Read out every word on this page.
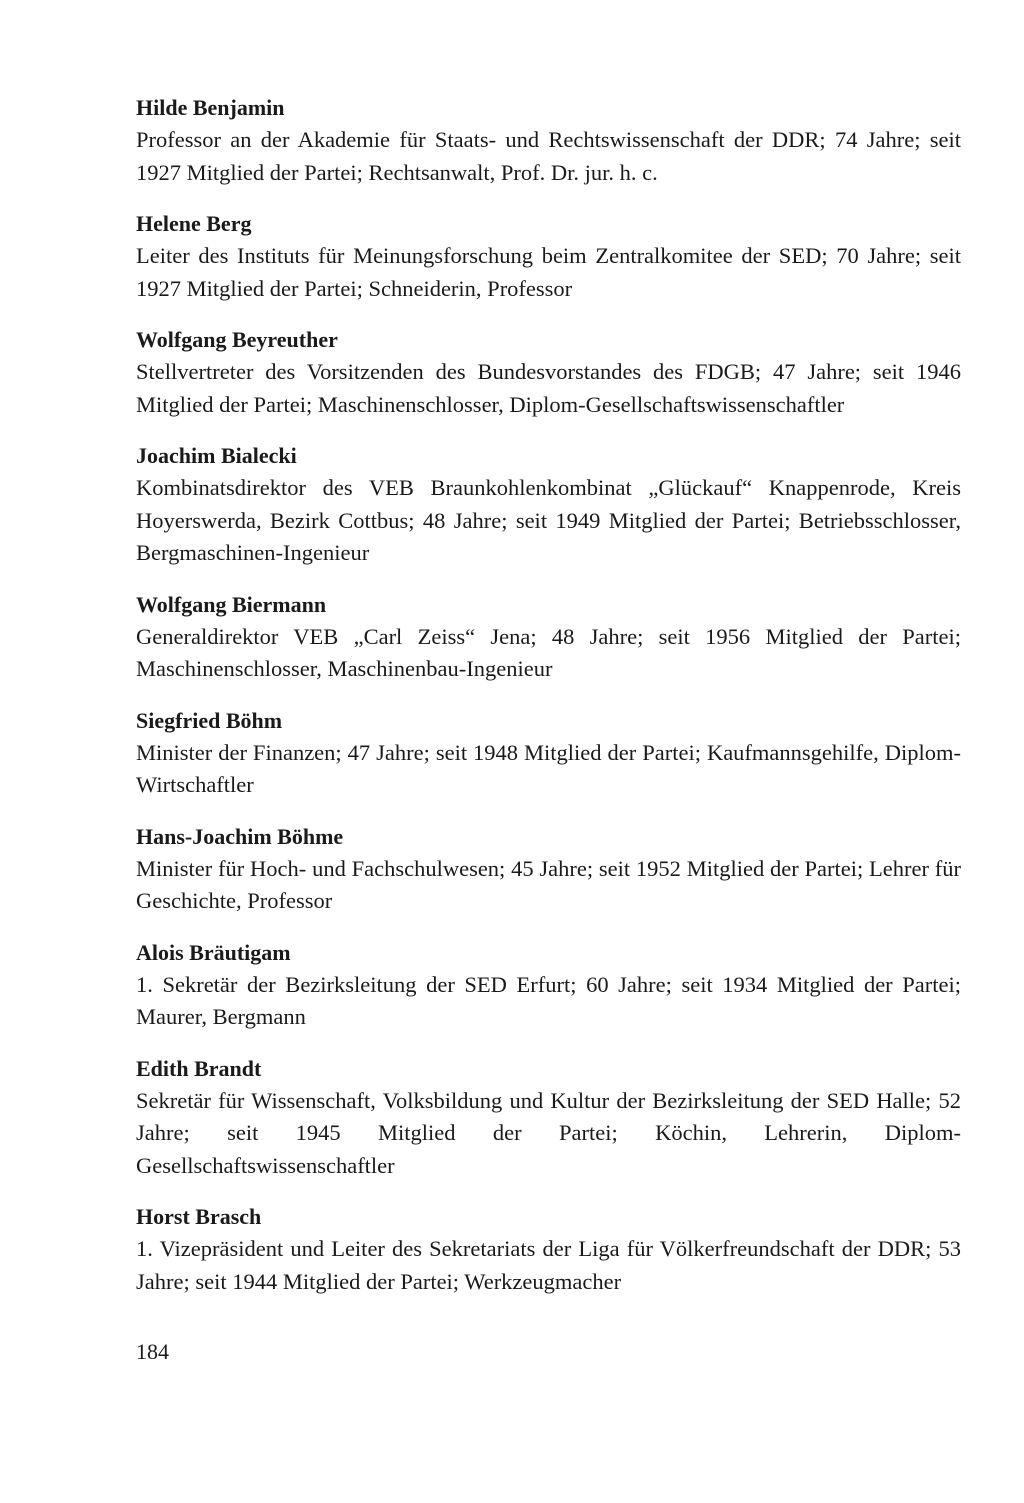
Hilde Benjamin

Professor an der Akademie für Staats- und Rechtswissenschaft der DDR; 74 Jahre; seit 1927 Mitglied der Partei; Rechtsanwalt, Prof. Dr. jur. h. c.

Helene Berg

Leiter des Instituts für Meinungsforschung beim Zentralkomitee der SED; 70 Jahre; seit 1927 Mitglied der Partei; Schneiderin, Professor

Wolfgang Beyreuther

Stellvertreter des Vorsitzenden des Bundesvorstandes des FDGB; 47 Jahre; seit 1946 Mitglied der Partei; Maschinenschlosser, Diplom-Gesellschaftswissenschaftler

Joachim Bialecki

Kombinatsdirektor des VEB Braunkohlenkombinat „Glückauf“ Knappenrode, Kreis Hoyerswerda, Bezirk Cottbus; 48 Jahre; seit 1949 Mitglied der Partei; Betriebsschlosser, Bergmaschinen-Ingenieur

Wolfgang Biermann

Generaldirektor VEB „Carl Zeiss“ Jena; 48 Jahre; seit 1956 Mitglied der Partei; Maschinenschlosser, Maschinenbau-Ingenieur

Siegfried Böhm

Minister der Finanzen; 47 Jahre; seit 1948 Mitglied der Partei; Kaufmannsgehilfe, Diplom-Wirtschaftler

Hans-Joachim Böhme

Minister für Hoch- und Fachschulwesen; 45 Jahre; seit 1952 Mitglied der Partei; Lehrer für Geschichte, Professor

Alois Bräutigam

1. Sekretär der Bezirksleitung der SED Erfurt; 60 Jahre; seit 1934 Mitglied der Partei; Maurer, Bergmann

Edith Brandt

Sekretär für Wissenschaft, Volksbildung und Kultur der Bezirksleitung der SED Halle; 52 Jahre; seit 1945 Mitglied der Partei; Köchin, Lehrerin, Diplom-Gesellschaftswissenschaftler

Horst Brasch

1. Vizepräsident und Leiter des Sekretariats der Liga für Völkerfreundschaft der DDR; 53 Jahre; seit 1944 Mitglied der Partei; Werkzeugmacher

184
